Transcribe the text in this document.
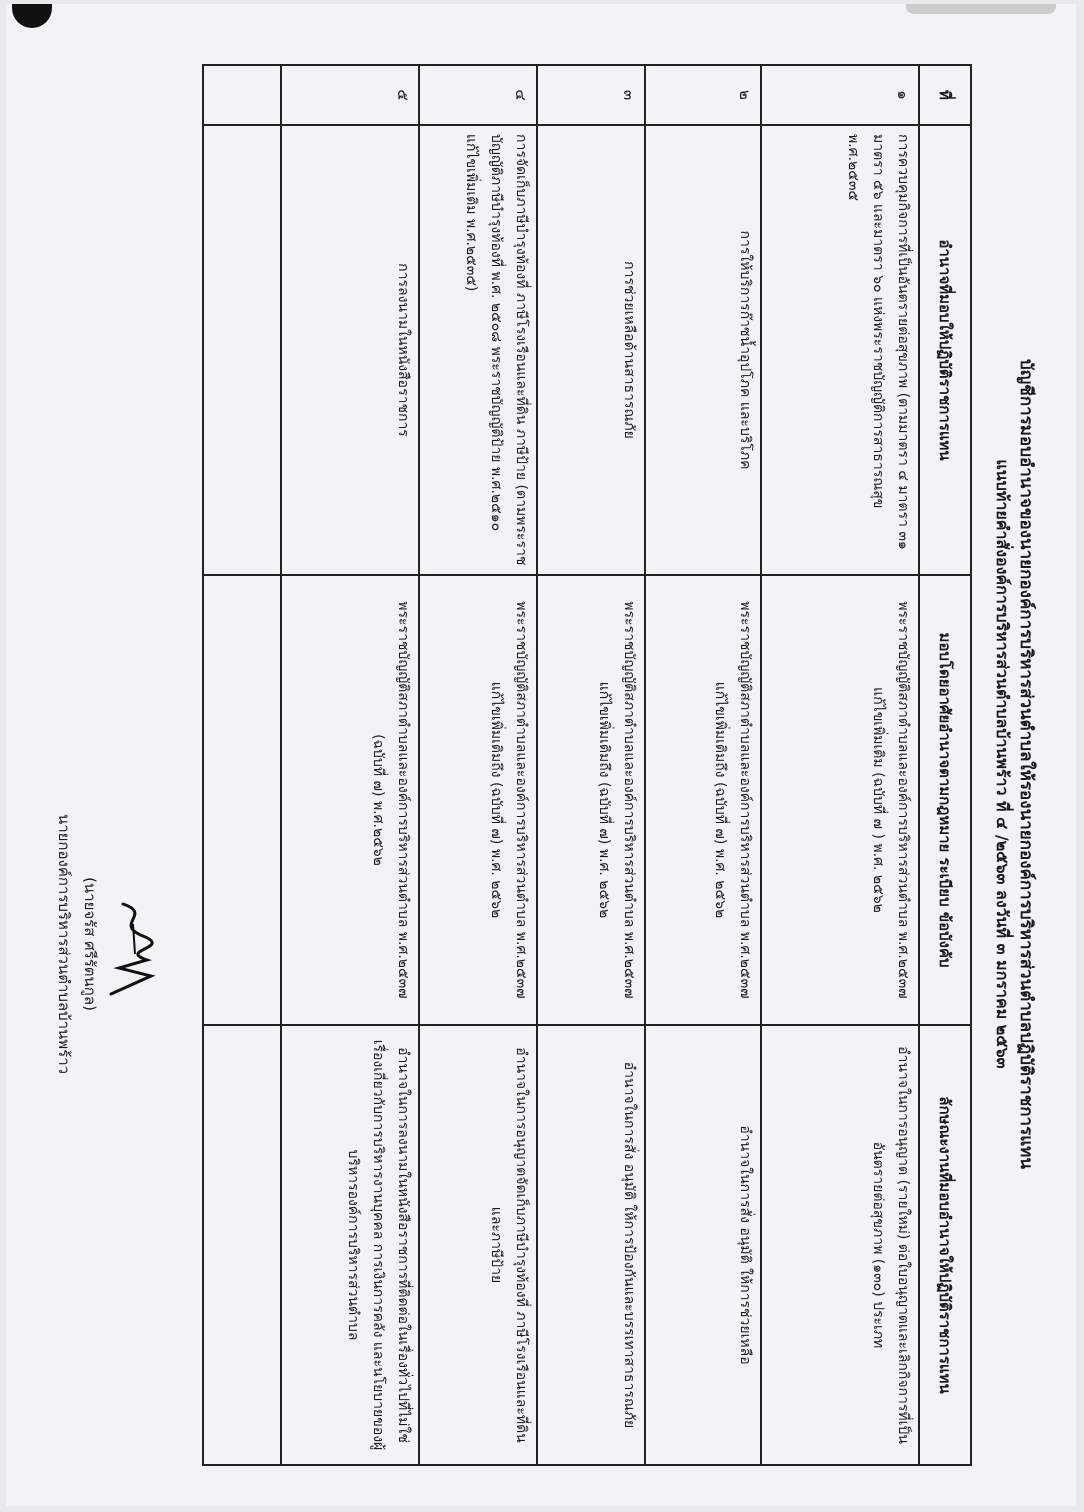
บัญชีการมอบอำนาจของนายกองค์การบริหารส่วนตำบลให้รองนายกองค์การบริหารส่วนตำบลปฏิบัติราชการแทน

แนบท้ายคำสั่งองค์การบริหารส่วนตำบลบ้านพร้าว ที่ ๔ /๒๕๖๓ ลงวันที่ ๓ มกราคม ๒๕๖๓

ที่	อำนาจที่มอบให้ปฏิบัติราชการแทน	มอบโดยอาศัยอำนาจตามกฎหมาย ระเบียบ ข้อบังคับ	ลักษณะงานที่มอบอำนาจให้ปฏิบัติราชการแทน
๑	การควบคุมกิจการที่เป็นอันตรายต่อสุขภาพ (ตามมาตรา ๔ มาตรา ๓๑ มาตรา ๕๖ และมาตรา ๖๐ แห่งพระราชบัญญัติการสาธารณสุข พ.ศ.๒๕๓๕	พระราชบัญญัติสภาตำบลและองค์การบริหารส่วนตำบล พ.ศ.๒๕๓๗ แก้ไขเพิ่มเติม (ฉบับที่ ๗ ) พ.ศ. ๒๕๖๒	อำนาจในการอนุญาต (รายใหม่) ต่อใบอนุญาตและเลิกกิจการที่เป็นอันตรายต่อสุขภาพ (๑๓๐) ประเภท
๒	การให้บริการก๊าซน้ำอุปโภค และบริโภค	พระราชบัญญัติสภาตำบลและองค์การบริหารส่วนตำบล พ.ศ.๒๕๓๗ แก้ไขเพิ่มเติมถึง (ฉบับที่ ๗) พ.ศ. ๒๕๖๒	อำนาจในการสั่ง อนุมัติ ให้การช่วยเหลือ
๓	การช่วยเหลือด้านสาธารณภัย	พระราชบัญญัติสภาตำบลและองค์การบริหารส่วนตำบล พ.ศ.๒๕๓๗ แก้ไขเพิ่มเติมถึง (ฉบับที่ ๗) พ.ศ. ๒๕๖๒	อำนาจในการสั่ง อนุมัติ ให้การป้องกันและบรรเทาสาธารณภัย
๔	การจัดเก็บภาษีบำรุงท้องที่ ภาษีโรงเรือนและที่ดิน ภาษีป้าย (ตามพระราชบัญญัติภาษีบำรุงท้องที่ พ.ศ. ๒๕๐๘ พระราชบัญญัติป้าย พ.ศ.๒๕๑๐ แก้ไขเพิ่มเติม พ.ศ.๒๕๓๕)	พระราชบัญญัติสภาตำบลและองค์การบริหารส่วนตำบล พ.ศ.๒๕๓๗ แก้ไขเพิ่มเติมถึง (ฉบับที่ ๗) พ.ศ. ๒๕๖๒	อำนาจในการอนุญาตจัดเก็บภาษีบำรุงท้องที่ ภาษีโรงเรือนและที่ดิน และภาษีป้าย
๕	การลงนามในหนังสือราชการ	พระราชบัญญัติสภาตำบลและองค์การบริหารส่วนตำบล พ.ศ.๒๕๓๗ (ฉบับที่ ๗) พ.ศ.๒๕๖๒	อำนาจในการลงนามในหนังสือราชการที่ติดต่อในเรื่องทั่วไปที่ไม่ใช่เรื่องเกี่ยวกับการบริหารงานบุคคล การเงินการคลัง และนโยบายของผู้บริหารองค์การบริหารส่วนตำบล

(นายจรัส ศรีรัตนกูล)

นายกองค์การบริหารส่วนตำบลบ้านพร้าว
